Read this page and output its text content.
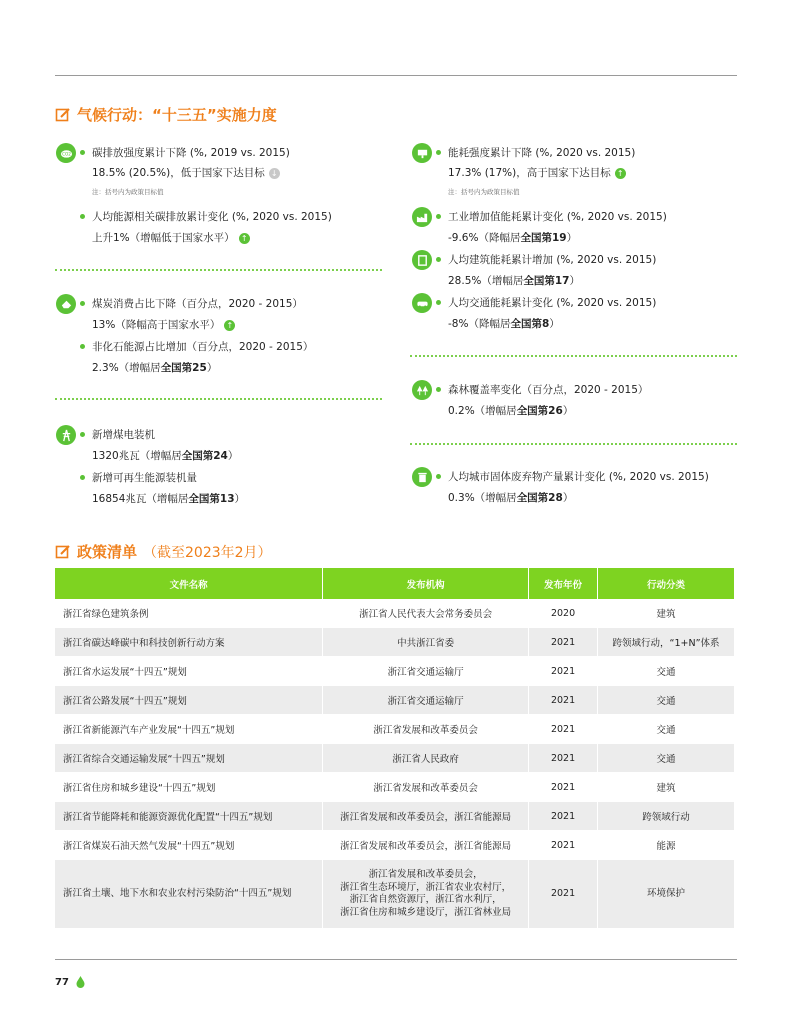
气候行动：“十三五”实施力度
CO2	碳排放强度累计下降 (%, 2019 vs. 2015)
18.5% (20.5%)，低于国家下达目标 ↓
注：括号内为政策目标值
人均能源相关碳排放累计变化 (%, 2020 vs. 2015)
上升1%（增幅低于国家水平） ↑
煤炭消费占比下降（百分点，2020 - 2015）
13%（降幅高于国家水平） ↑
非化石能源占比增加（百分点，2020 - 2015）
2.3%（增幅居全国第25）
新增煤电装机
1320兆瓦（增幅居全国第24）
新增可再生能源装机量
16854兆瓦（增幅居全国第13）
能耗强度累计下降 (%, 2020 vs. 2015)
17.3% (17%)，高于国家下达目标 ↑
注：括号内为政策目标值
工业增加值能耗累计变化 (%, 2020 vs. 2015)
-9.6%（降幅居全国第19）
人均建筑能耗累计增加 (%, 2020 vs. 2015)
28.5%（增幅居全国第17）
人均交通能耗累计变化 (%, 2020 vs. 2015)
-8%（降幅居全国第8）
森林覆盖率变化（百分点，2020 - 2015）
0.2%（增幅居全国第26）
人均城市固体废弃物产量累计变化 (%, 2020 vs. 2015)
0.3%（增幅居全国第28）
政策清单 （截至2023年2月）
文件名称	发布机构	发布年份	行动分类
浙江省绿色建筑条例	浙江省人民代表大会常务委员会	2020	建筑
浙江省碳达峰碳中和科技创新行动方案	中共浙江省委	2021	跨领域行动，“1+N”体系
浙江省水运发展“十四五”规划	浙江省交通运输厅	2021	交通
浙江省公路发展“十四五”规划	浙江省交通运输厅	2021	交通
浙江省新能源汽车产业发展“十四五”规划	浙江省发展和改革委员会	2021	交通
浙江省综合交通运输发展“十四五”规划	浙江省人民政府	2021	交通
浙江省住房和城乡建设“十四五”规划	浙江省发展和改革委员会	2021	建筑
浙江省节能降耗和能源资源优化配置“十四五”规划	浙江省发展和改革委员会，浙江省能源局	2021	跨领域行动
浙江省煤炭石油天然气发展“十四五”规划	浙江省发展和改革委员会，浙江省能源局	2021	能源
浙江省土壤、地下水和农业农村污染防治“十四五”规划	浙江省发展和改革委员会，
浙江省生态环境厅，浙江省农业农村厅，
浙江省自然资源厅，浙江省水利厅，
浙江省住房和城乡建设厅，浙江省林业局	2021	环境保护
77
